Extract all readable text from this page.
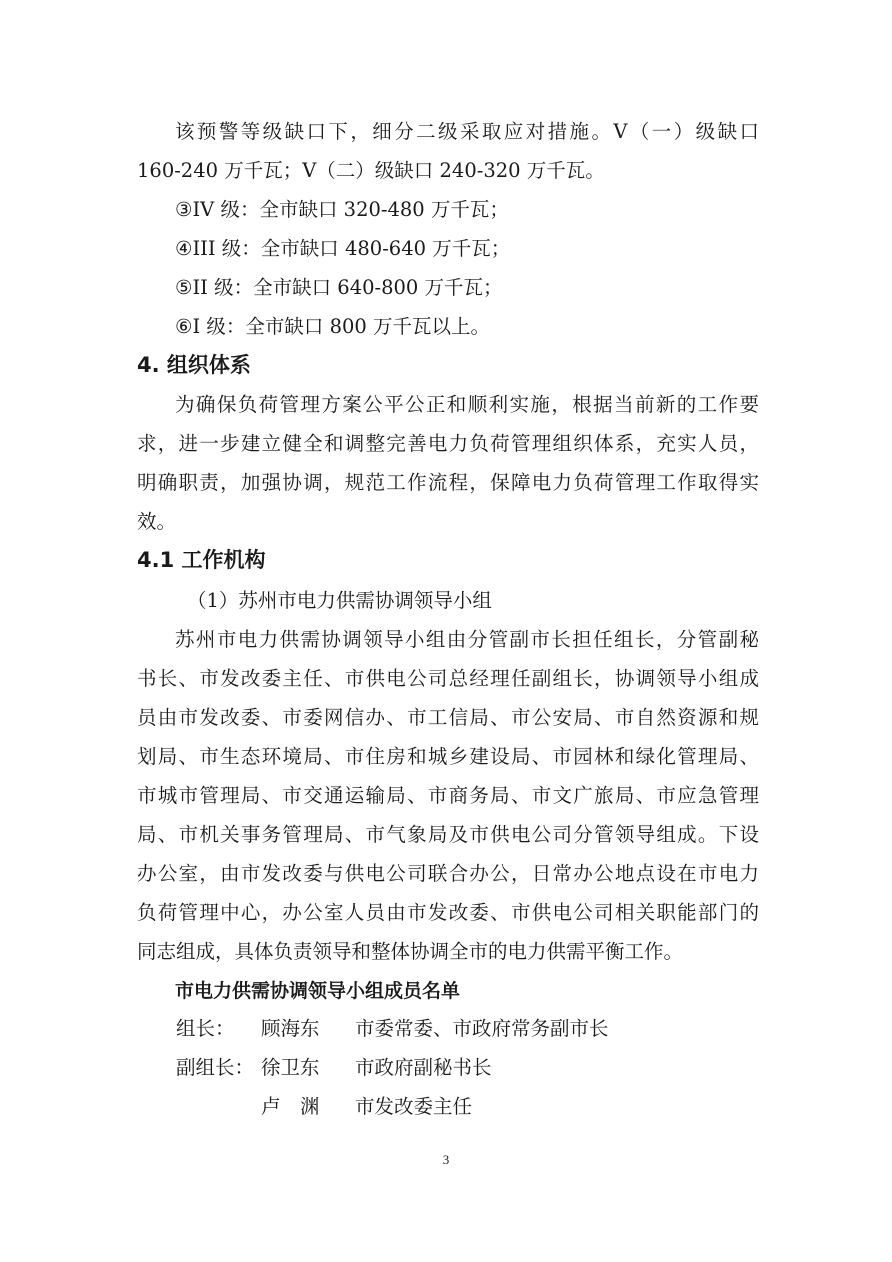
该预警等级缺口下，细分二级采取应对措施。V（一）级缺口
160-240 万千瓦；V（二）级缺口 240-320 万千瓦。
③IV 级：全市缺口 320-480 万千瓦；
④III 级：全市缺口 480-640 万千瓦；
⑤II 级：全市缺口 640-800 万千瓦；
⑥I 级：全市缺口 800 万千瓦以上。
4. 组织体系
为确保负荷管理方案公平公正和顺利实施，根据当前新的工作要
求，进一步建立健全和调整完善电力负荷管理组织体系，充实人员，
明确职责，加强协调，规范工作流程，保障电力负荷管理工作取得实
效。
4.1 工作机构
（1）苏州市电力供需协调领导小组
苏州市电力供需协调领导小组由分管副市长担任组长，分管副秘
书长、市发改委主任、市供电公司总经理任副组长，协调领导小组成
员由市发改委、市委网信办、市工信局、市公安局、市自然资源和规
划局、市生态环境局、市住房和城乡建设局、市园林和绿化管理局、
市城市管理局、市交通运输局、市商务局、市文广旅局、市应急管理
局、市机关事务管理局、市气象局及市供电公司分管领导组成。下设
办公室，由市发改委与供电公司联合办公，日常办公地点设在市电力
负荷管理中心，办公室人员由市发改委、市供电公司相关职能部门的
同志组成，具体负责领导和整体协调全市的电力供需平衡工作。
市电力供需协调领导小组成员名单
组长： 顾海东 市委常委、市政府常务副市长
副组长： 徐卫东 市政府副秘书长
卢　渊 市发改委主任
3
